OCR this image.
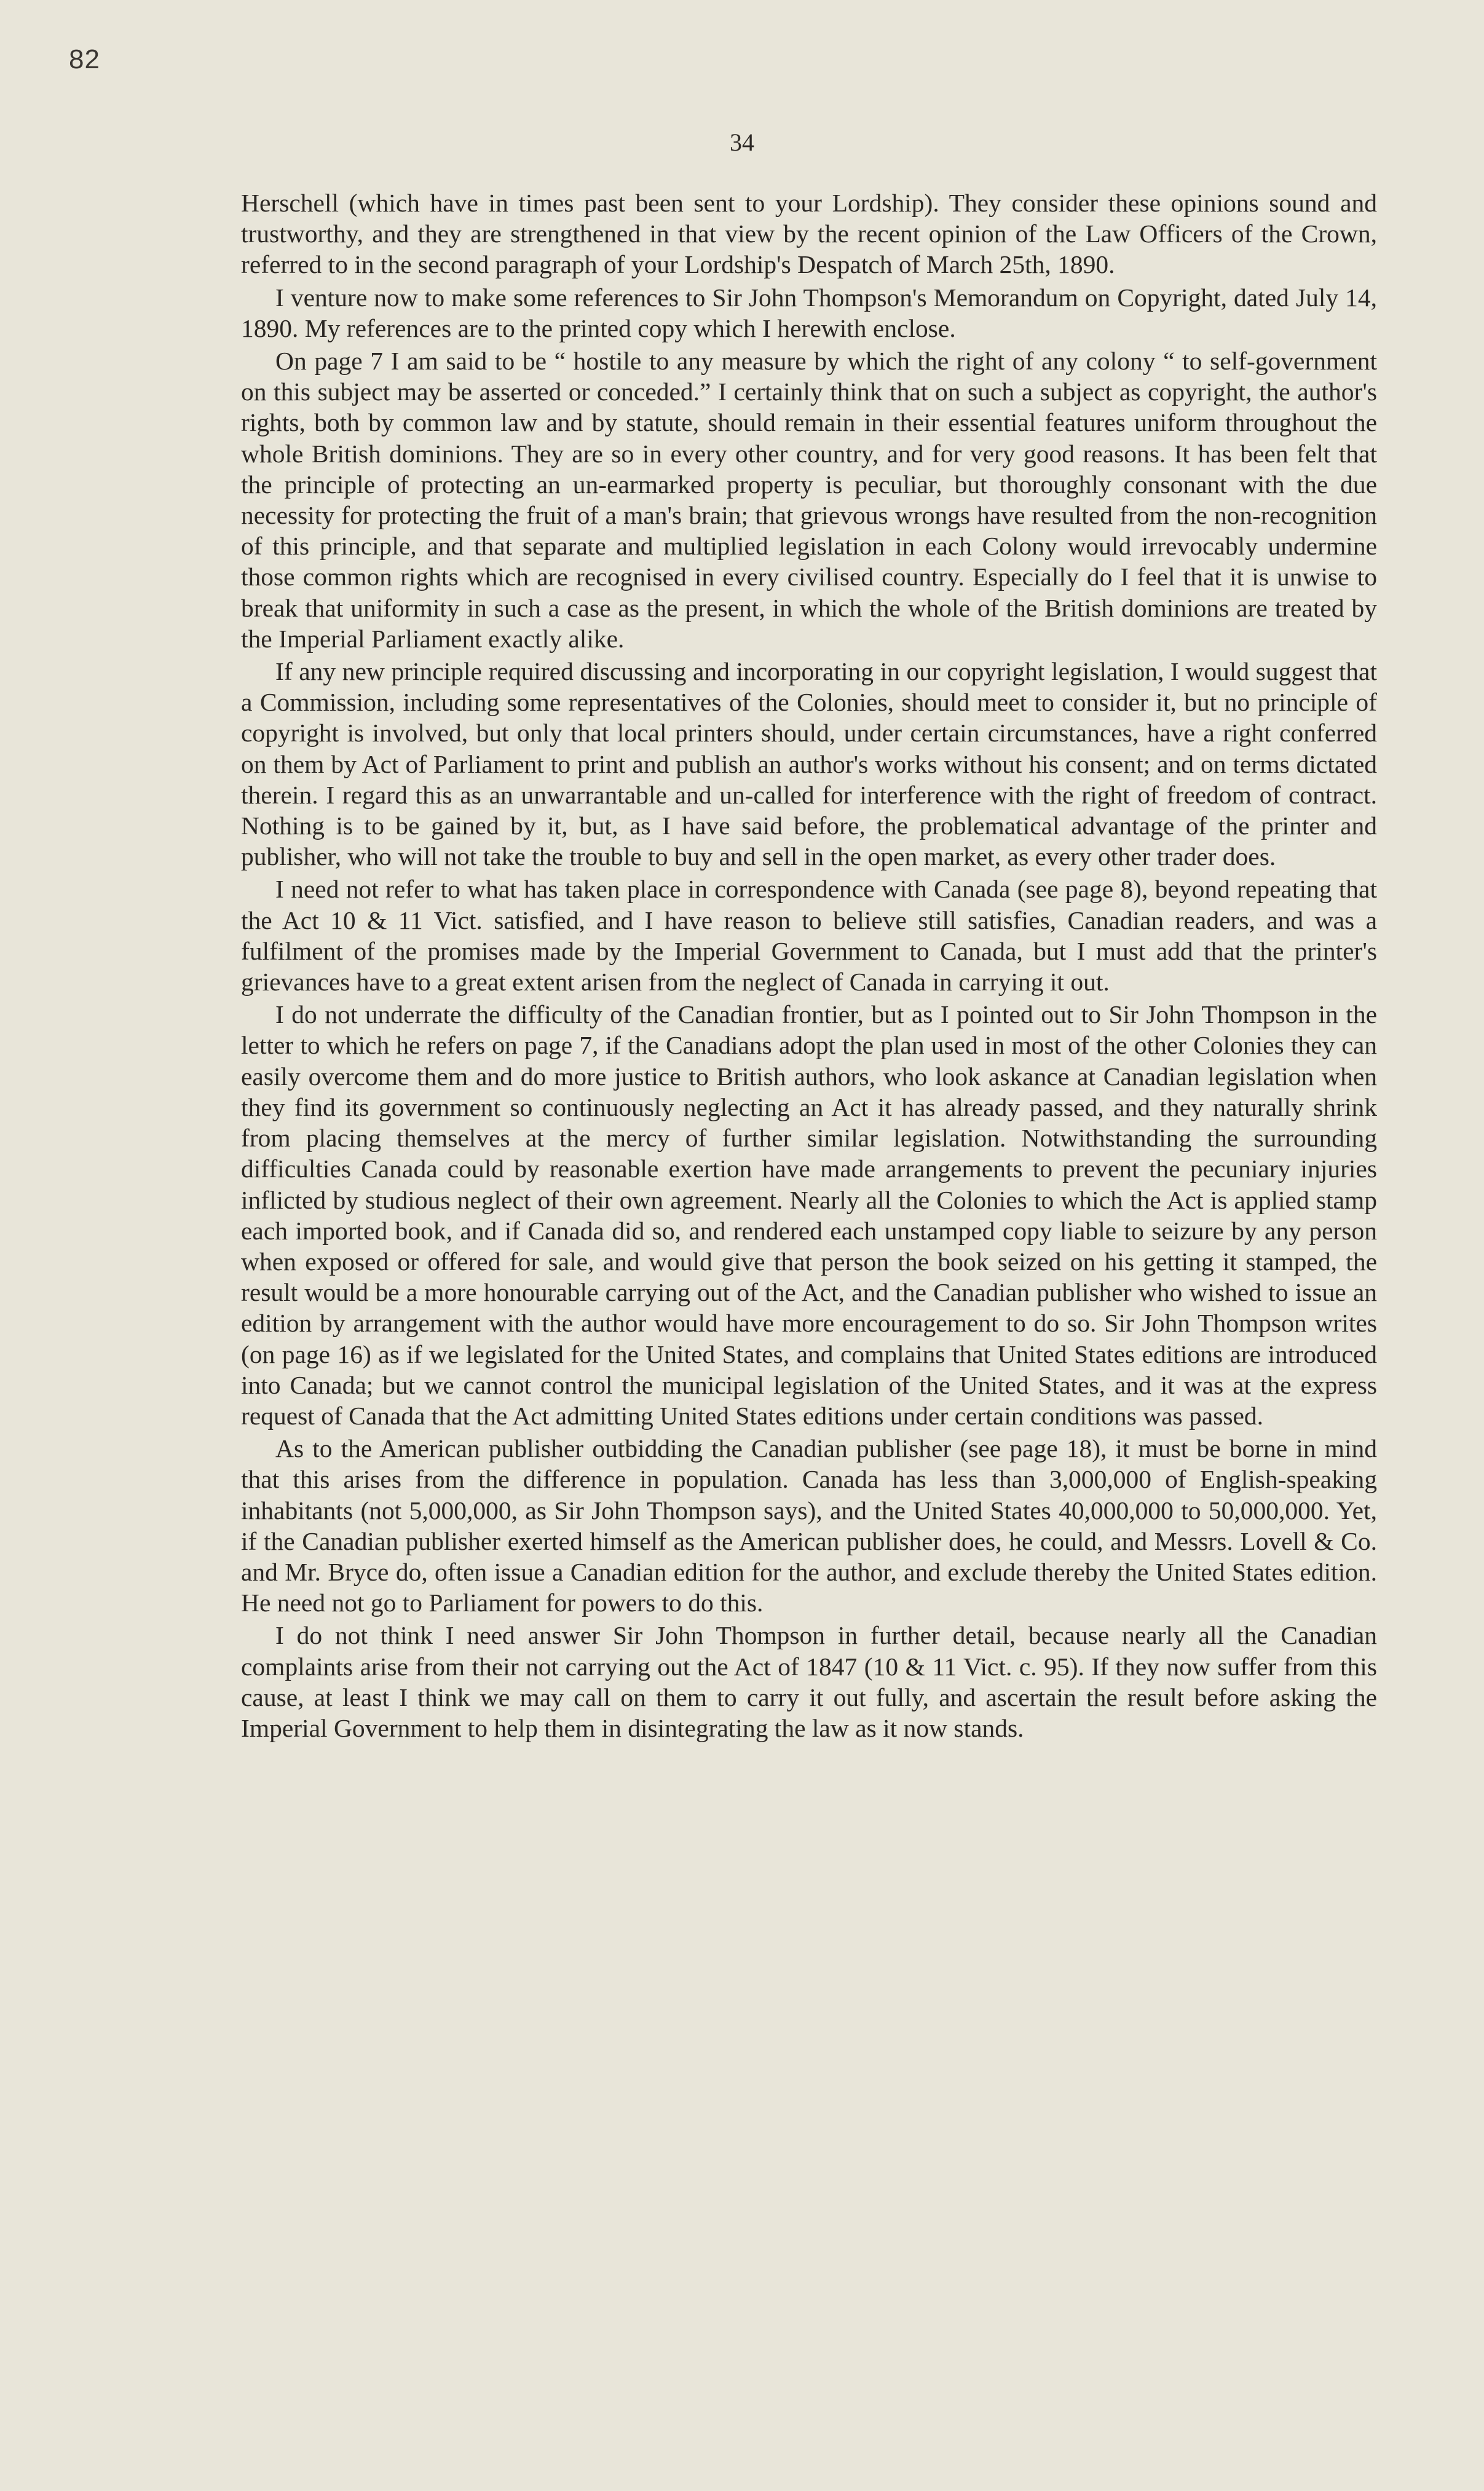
82
34

Herschell (which have in times past been sent to your Lordship). They consider these opinions sound and trustworthy, and they are strengthened in that view by the recent opinion of the Law Officers of the Crown, referred to in the second paragraph of your Lordship's Despatch of March 25th, 1890.

I venture now to make some references to Sir John Thompson's Memorandum on Copyright, dated July 14, 1890. My references are to the printed copy which I herewith enclose.

On page 7 I am said to be “ hostile to any measure by which the right of any colony “ to self-government on this subject may be asserted or conceded.” I certainly think that on such a subject as copyright, the author's rights, both by common law and by statute, should remain in their essential features uniform throughout the whole British dominions. They are so in every other country, and for very good reasons. It has been felt that the principle of protecting an un-earmarked property is peculiar, but thoroughly consonant with the due necessity for protecting the fruit of a man's brain; that grievous wrongs have resulted from the non-recognition of this principle, and that separate and multiplied legislation in each Colony would irrevocably undermine those common rights which are recognised in every civilised country. Especially do I feel that it is unwise to break that uniformity in such a case as the present, in which the whole of the British dominions are treated by the Imperial Parliament exactly alike.

If any new principle required discussing and incorporating in our copyright legislation, I would suggest that a Commission, including some representatives of the Colonies, should meet to consider it, but no principle of copyright is involved, but only that local printers should, under certain circumstances, have a right conferred on them by Act of Parliament to print and publish an author's works without his consent; and on terms dictated therein. I regard this as an unwarrantable and un-called for interference with the right of freedom of contract. Nothing is to be gained by it, but, as I have said before, the problematical advantage of the printer and publisher, who will not take the trouble to buy and sell in the open market, as every other trader does.

I need not refer to what has taken place in correspondence with Canada (see page 8), beyond repeating that the Act 10 & 11 Vict. satisfied, and I have reason to believe still satisfies, Canadian readers, and was a fulfilment of the promises made by the Imperial Government to Canada, but I must add that the printer's grievances have to a great extent arisen from the neglect of Canada in carrying it out.

I do not underrate the difficulty of the Canadian frontier, but as I pointed out to Sir John Thompson in the letter to which he refers on page 7, if the Canadians adopt the plan used in most of the other Colonies they can easily overcome them and do more justice to British authors, who look askance at Canadian legislation when they find its government so continuously neglecting an Act it has already passed, and they naturally shrink from placing themselves at the mercy of further similar legislation. Notwithstanding the surrounding difficulties Canada could by reasonable exertion have made arrangements to prevent the pecuniary injuries inflicted by studious neglect of their own agreement. Nearly all the Colonies to which the Act is applied stamp each imported book, and if Canada did so, and rendered each unstamped copy liable to seizure by any person when exposed or offered for sale, and would give that person the book seized on his getting it stamped, the result would be a more honourable carrying out of the Act, and the Canadian publisher who wished to issue an edition by arrangement with the author would have more encouragement to do so. Sir John Thompson writes (on page 16) as if we legislated for the United States, and complains that United States editions are introduced into Canada; but we cannot control the municipal legislation of the United States, and it was at the express request of Canada that the Act admitting United States editions under certain conditions was passed.

As to the American publisher outbidding the Canadian publisher (see page 18), it must be borne in mind that this arises from the difference in population. Canada has less than 3,000,000 of English-speaking inhabitants (not 5,000,000, as Sir John Thompson says), and the United States 40,000,000 to 50,000,000. Yet, if the Canadian publisher exerted himself as the American publisher does, he could, and Messrs. Lovell & Co. and Mr. Bryce do, often issue a Canadian edition for the author, and exclude thereby the United States edition. He need not go to Parliament for powers to do this.

I do not think I need answer Sir John Thompson in further detail, because nearly all the Canadian complaints arise from their not carrying out the Act of 1847 (10 & 11 Vict. c. 95). If they now suffer from this cause, at least I think we may call on them to carry it out fully, and ascertain the result before asking the Imperial Government to help them in disintegrating the law as it now stands.
